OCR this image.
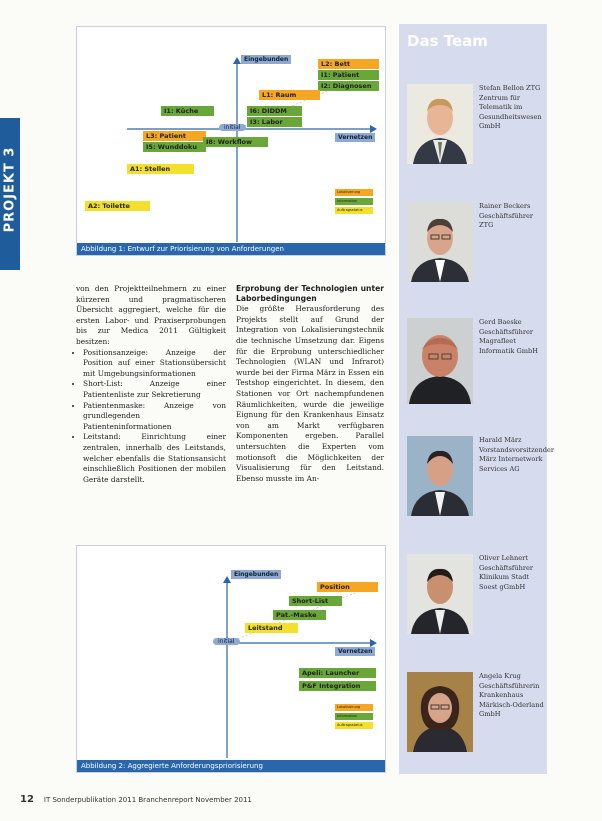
PROJEKT 3
Eingebunden
Vernetzen
initial
L2: Bett
I1: Patient
I2: Diagnosen
L1: Raum
I1: Küche	I6: DIDDM
I3: Labor
L3: Patient
I8: Workflow
I5: Wunddoku
A1: Stellen
A2: Toilette
Lokalisierung
Information
Auftragsstatus
Abbildung 1: Entwurf zur Priorisierung von Anforderungen

von den Projektteilnehmern zu einer kürzeren und pragmatischeren Übersicht aggregiert, welche für die ersten Labor- und Praxiserprobungen bis zur Medica 2011 Gültigkeit besitzen:

• Positionsanzeige: Anzeige der Position auf einer Stationsübersicht mit Umgebungsinformationen
• Short-List: Anzeige einer Patientenliste zur Sekretierung
• Patientenmaske: Anzeige von grundlegenden Patienteninformationen
• Leitstand: Einrichtung einer zentralen, innerhalb des Leitstands, welcher ebenfalls die Stationsansicht einschließlich Positionen der mobilen Geräte darstellt.
Erprobung der Technologien unter Laborbedingungen

Die größte Herausforderung des Projekts stellt auf Grund der Integration von Lokalisierungstechnik die technische Umsetzung dar. Eigens für die Erprobung unterschiedlicher Technologien (WLAN und Infrarot) wurde bei der Firma März in Essen ein Testshop eingerichtet. In diesem, den Stationen vor Ort nachempfundenen Räumlichkeiten, wurde die jeweilige Eignung für den Krankenhaus Einsatz von am Markt verfügbaren Komponenten ergeben. Parallel untersuchten die Experten vom motionsoft die Möglichkeiten der Visualisierung für den Leitstand. Ebenso musste im An-

Eingebunden
Vernetzen
initial
Position
Short-List
Pat.-Maske
Leitstand
Apeli: Launcher
P&F Integration
Lokalisierung
Information
Auftragsstatus
Abbildung 2: Aggregierte Anforderungspriorisierung
Das Team
Stefan Bellon ZTG Zentrum für Telematik im Gesundheitswesen GmbH
Rainer Beckers Geschäftsführer ZTG
Gerd Baeske Geschäftsführer Magrafleet Informatik GmbH
Harald März Vorstandsvorsitzender März Internetwork Services AG
Oliver Lehnert Geschäftsführer Klinikum Stadt Soest gGmbH
Angela Krug Geschäftsführerin Krankenhaus Märkisch-Oderland GmbH
12 IT Sonderpublikation 2011 Branchenreport November 2011
